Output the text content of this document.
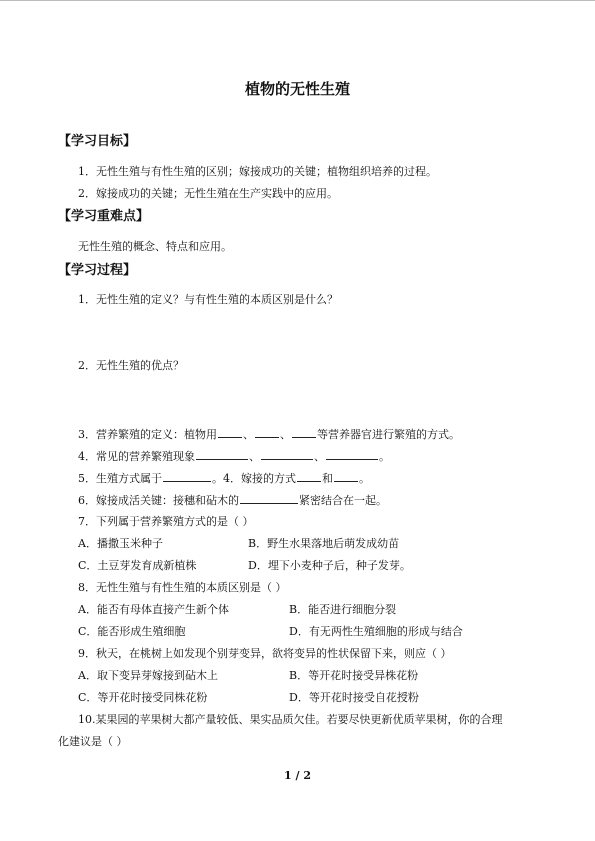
植物的无性生殖
【学习目标】
1．无性生殖与有性生殖的区别；嫁接成功的关键；植物组织培养的过程。
2．嫁接成功的关键；无性生殖在生产实践中的应用。
【学习重难点】
无性生殖的概念、特点和应用。
【学习过程】
1．无性生殖的定义？与有性生殖的本质区别是什么？
2．无性生殖的优点？
3．营养繁殖的定义：植物用 、 、 等营养器官进行繁殖的方式。
4．常见的营养繁殖现象	、	、	。
5．生殖方式属于	。4．嫁接的方式 和 。
6．嫁接成活关键：接穗和砧木的	紧密结合在一起。
7．下列属于营养繁殖方式的是（ ）
A．播撒玉米种子	B．野生水果落地后萌发成幼苗
C．土豆芽发育成新植株	D．埋下小麦种子后，种子发芽。
8．无性生殖与有性生殖的本质区别是（ ）
A．能否有母体直接产生新个体	B．能否进行细胞分裂
C．能否形成生殖细胞	D．有无两性生殖细胞的形成与结合
9．秋天，在桃树上如发现个别芽变异，欲将变异的性状保留下来，则应（ ）
A．取下变异芽嫁接到砧木上	B．等开花时接受异株花粉
C．等开花时接受同株花粉	D．等开花时接受自花授粉
10.某果园的苹果树大都产量较低、果实品质欠佳。若要尽快更新优质苹果树，你的合理
化建议是（ ）
1 / 2
